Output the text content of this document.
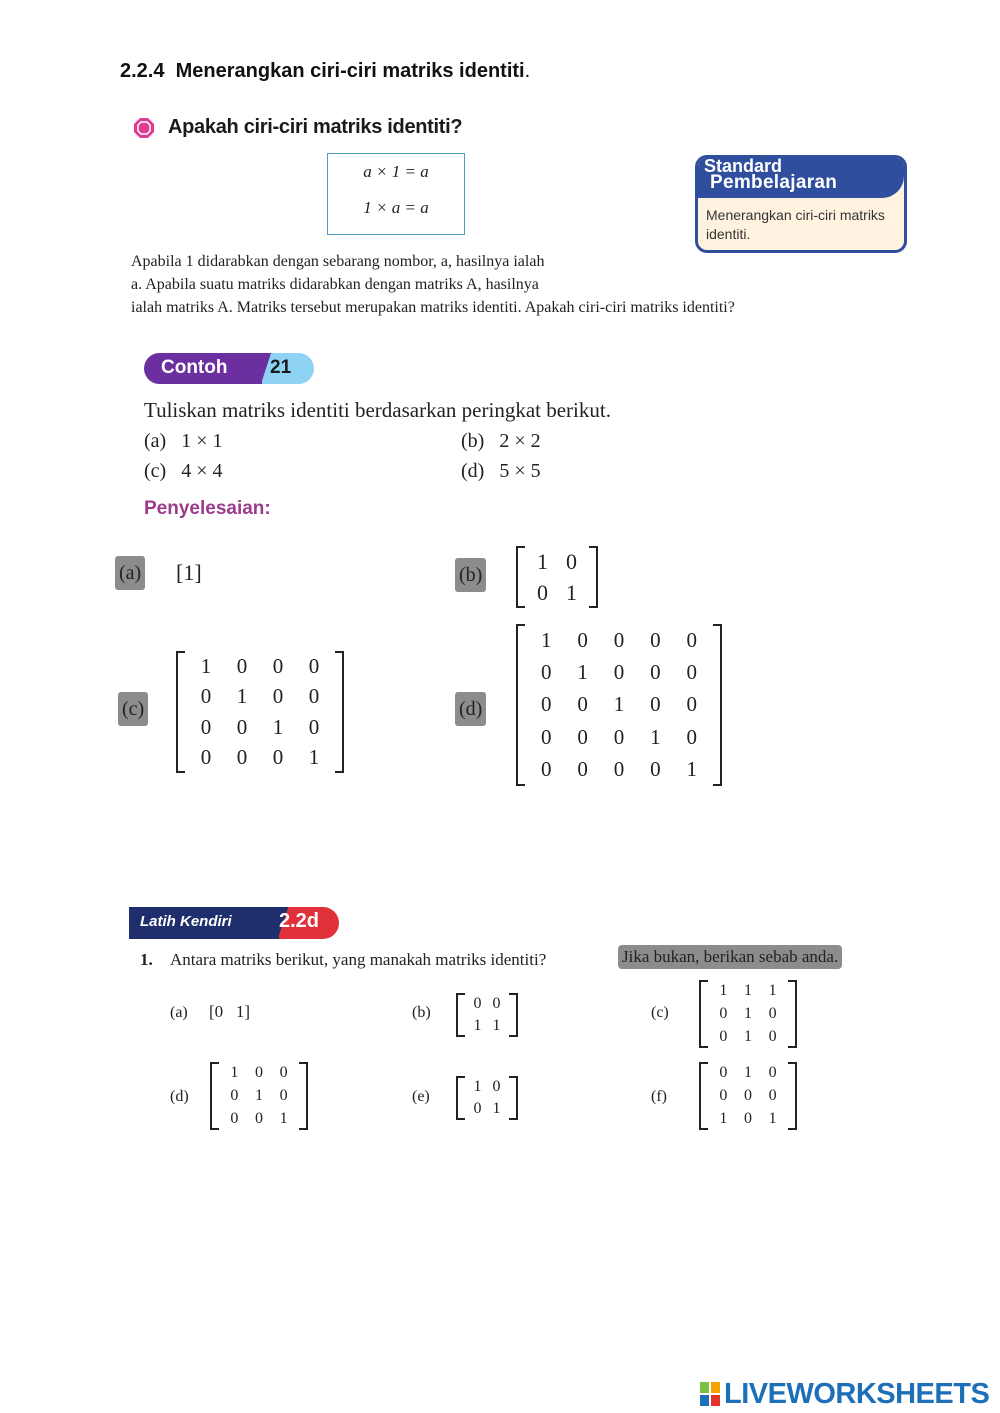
2.2.4 Menerangkan ciri-ciri matriks identiti.
Apakah ciri-ciri matriks identiti?
a × 1 = a
1 × a = a
Standard
Pembelajaran
Menerangkan ciri-ciri matriks identiti.
Apabila 1 didarabkan dengan sebarang nombor, a, hasilnya ialah
a. Apabila suatu matriks didarabkan dengan matriks A, hasilnya
ialah matriks A. Matriks tersebut merupakan matriks identiti. Apakah ciri-ciri matriks identiti?
Contoh 21
Tuliskan matriks identiti berdasarkan peringkat berikut.
(a) 1 × 1	(b) 2 × 2
(c) 4 × 4	(d) 5 × 5
Penyelesaian:
(a) [1]	(b)
1	0
0	1
(c)
1	0	0	0
0	1	0	0
0	0	1	0
0	0	0	1
(d)
1	0	0	0	0
0	1	0	0	0
0	0	1	0	0
0	0	0	1	0
0	0	0	0	1
Latih Kendiri 2.2d
1. Antara matriks berikut, yang manakah matriks identiti?	Jika bukan, berikan sebab anda.
(a) [0   1]	(b)
0	0
1	1
(c)
1	1	1
0	1	0
0	1	0
(d)
1	0	0
0	1	0
0	0	1
(e)
1	0
0	1
(f)
0	1	0
0	0	0
1	0	1
LIVEWORKSHEETS
